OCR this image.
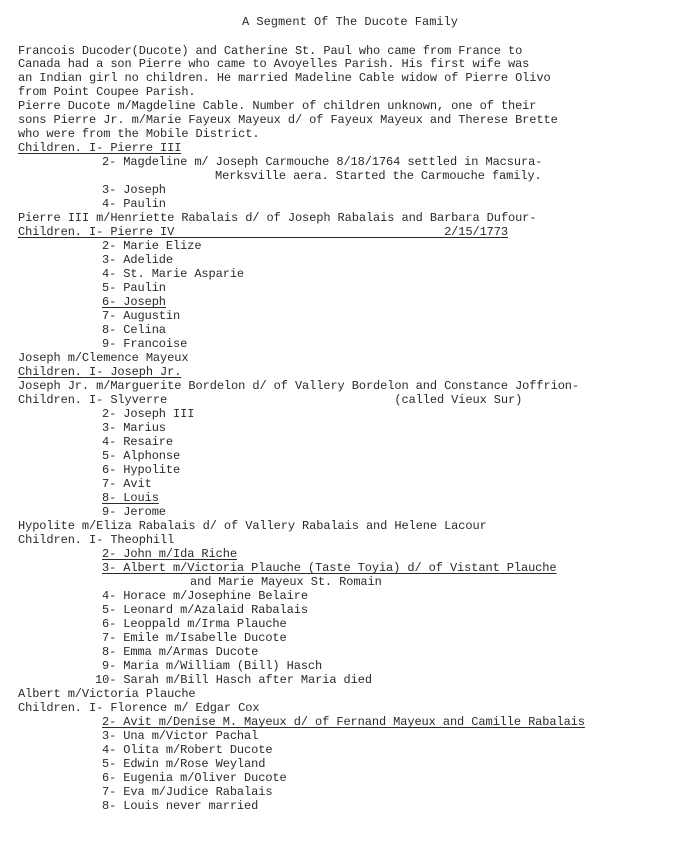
A Segment Of The Ducote Family
Francois Ducoder(Ducote) and Catherine St. Paul who came from France to
Canada had a son Pierre who came to Avoyelles Parish. His first wife was
an Indian girl no children. He married Madeline Cable widow of Pierre Olivo
from Point Coupee Parish.
Pierre Ducote m/Magdeline Cable. Number of children unknown, one of their
sons Pierre Jr. m/Marie Fayeux Mayeux d/ of Fayeux Mayeux and Therese Brette
who were from the Mobile District.
Children. I- Pierre III
2- Magdeline m/ Joseph Carmouche 8/18/1764 settled in Macsura-
Merksville aera. Started the Carmouche family.
3- Joseph
4- Paulin
Pierre III m/Henriette Rabalais d/ of Joseph Rabalais and Barbara Dufour-
Children. I- Pierre IV                                      2/15/1773
2- Marie Elize
3- Adelide
4- St. Marie Asparie
5- Paulin
6- Joseph
7- Augustin
8- Celina
9- Francoise
Joseph m/Clemence Mayeux
Children. I- Joseph Jr.
Joseph Jr. m/Marguerite Bordelon d/ of Vallery Bordelon and Constance Joffrion-
Children. I- Slyverre                                (called Vieux Sur)
2- Joseph III
3- Marius
4- Resaire
5- Alphonse
6- Hypolite
7- Avit
8- Louis
9- Jerome
Hypolite m/Eliza Rabalais d/ of Vallery Rabalais and Helene Lacour
Children. I- Theophill
2- John m/Ida Riche
3- Albert m/Victoria Plauche (Taste Toyia) d/ of Vistant Plauche
and Marie Mayeux St. Romain
4- Horace m/Josephine Belaire
5- Leonard m/Azalaid Rabalais
6- Leoppald m/Irma Plauche
7- Emile m/Isabelle Ducote
8- Emma m/Armas Ducote
9- Maria m/William (Bill) Hasch
10- Sarah m/Bill Hasch after Maria died
Albert m/Victoria Plauche
Children. I- Florence m/ Edgar Cox
2- Avit m/Denise M. Mayeux d/ of Fernand Mayeux and Camille Rabalais
3- Una m/Victor Pachal
4- Olita m/Robert Ducote
5- Edwin m/Rose Weyland
6- Eugenia m/Oliver Ducote
7- Eva m/Judice Rabalais
8- Louis never married
